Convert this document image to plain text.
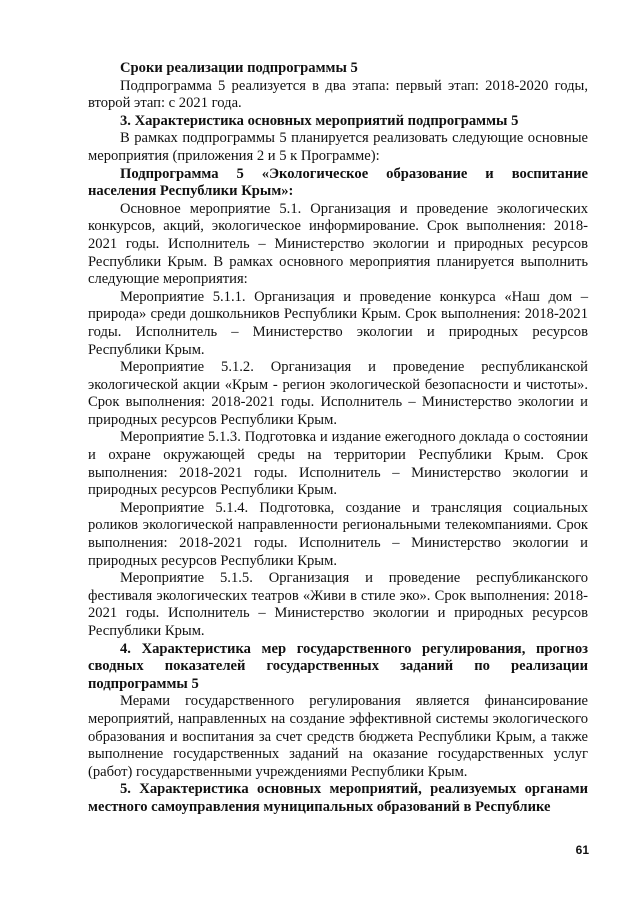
Сроки реализации подпрограммы 5

Подпрограмма 5 реализуется в два этапа: первый этап: 2018-2020 годы, второй этап: с 2021 года.

3. Характеристика основных мероприятий подпрограммы 5

В рамках подпрограммы 5 планируется реализовать следующие основные мероприятия (приложения 2 и 5 к Программе):

Подпрограмма 5 «Экологическое образование и воспитание населения Республики Крым»:

Основное мероприятие 5.1. Организация и проведение экологических конкурсов, акций, экологическое информирование. Срок выполнения: 2018-2021 годы. Исполнитель – Министерство экологии и природных ресурсов Республики Крым. В рамках основного мероприятия планируется выполнить следующие мероприятия:

Мероприятие 5.1.1. Организация и проведение конкурса «Наш дом – природа» среди дошкольников Республики Крым. Срок выполнения: 2018-2021 годы. Исполнитель – Министерство экологии и природных ресурсов Республики Крым.

Мероприятие 5.1.2. Организация и проведение республиканской экологической акции «Крым - регион экологической безопасности и чистоты». Срок выполнения: 2018-2021 годы. Исполнитель – Министерство экологии и природных ресурсов Республики Крым.

Мероприятие 5.1.3. Подготовка и издание ежегодного доклада о состоянии и охране окружающей среды на территории Республики Крым. Срок выполнения: 2018-2021 годы. Исполнитель – Министерство экологии и природных ресурсов Республики Крым.

Мероприятие 5.1.4. Подготовка, создание и трансляция социальных роликов экологической направленности региональными телекомпаниями. Срок выполнения: 2018-2021 годы. Исполнитель – Министерство экологии и природных ресурсов Республики Крым.

Мероприятие 5.1.5. Организация и проведение республиканского фестиваля экологических театров «Живи в стиле эко». Срок выполнения: 2018-2021 годы. Исполнитель – Министерство экологии и природных ресурсов Республики Крым.

4. Характеристика мер государственного регулирования, прогноз сводных показателей государственных заданий по реализации подпрограммы 5

Мерами государственного регулирования является финансирование мероприятий, направленных на создание эффективной системы экологического образования и воспитания за счет средств бюджета Республики Крым, а также выполнение государственных заданий на оказание государственных услуг (работ) государственными учреждениями Республики Крым.

5. Характеристика основных мероприятий, реализуемых органами местного самоуправления муниципальных образований в Республике

61
